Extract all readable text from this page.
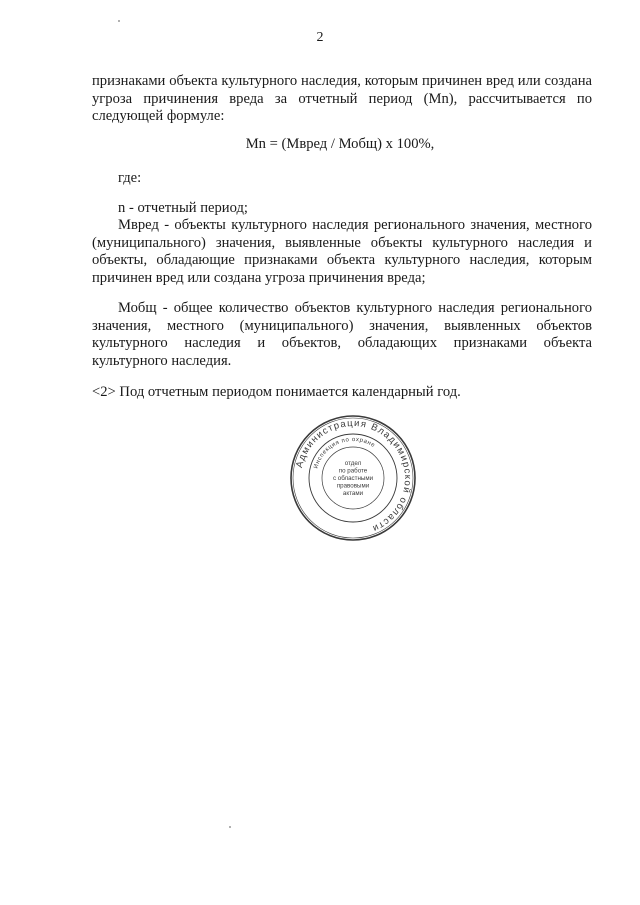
2
признаками объекта культурного наследия, которым причинен вред или создана угроза причинения вреда за отчетный период (Mn), рассчитывается по следующей формуле:
Mn = (Мвред / Мобщ) x 100%,
где:
n - отчетный период;
Мвред - объекты культурного наследия регионального значения, местного (муниципального) значения, выявленные объекты культурного наследия и объекты, обладающие признаками объекта культурного наследия, которым причинен вред или создана угроза причинения вреда;
Мобщ - общее количество объектов культурного наследия регионального значения, местного (муниципального) значения, выявленных объектов культурного наследия и объектов, обладающих признаками объекта культурного наследия.
<2> Под отчетным периодом понимается календарный год.
Администрация Владимирской области
Инспекция по охране
отдел
по работе
с областными
правовыми
актами
